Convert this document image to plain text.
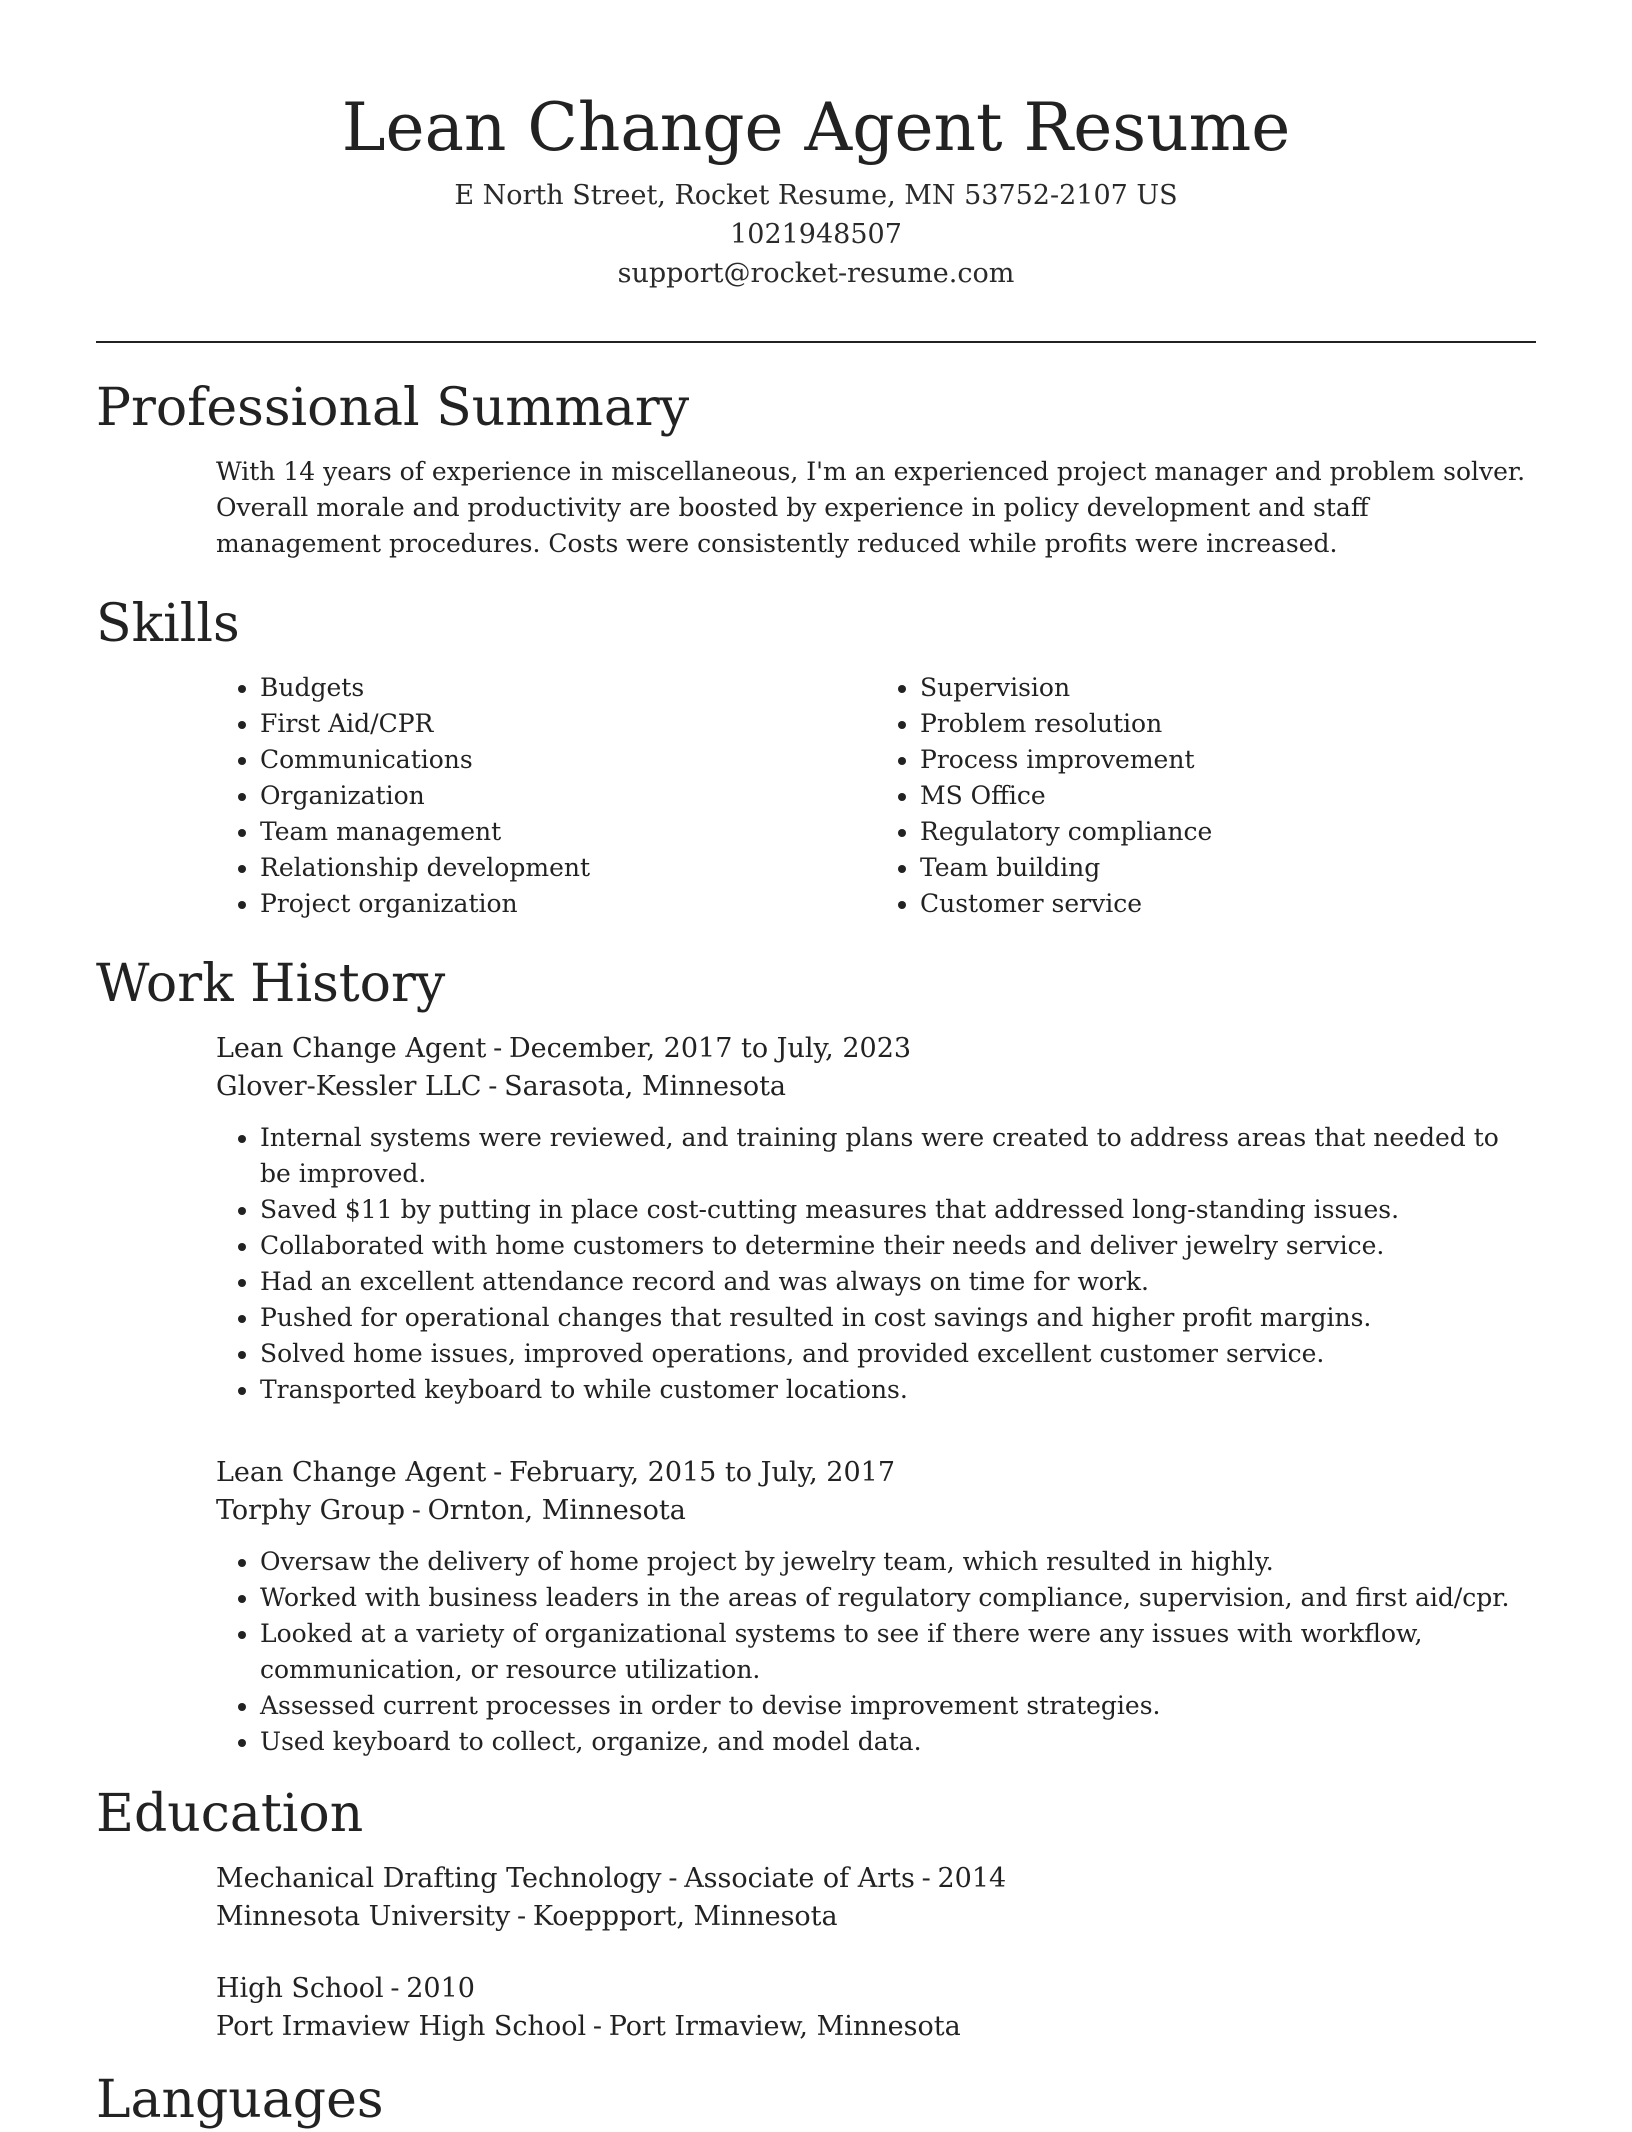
Lean Change Agent Resume
E North Street, Rocket Resume, MN 53752-2107 US
1021948507
support@rocket-resume.com
Professional Summary
With 14 years of experience in miscellaneous, I'm an experienced project manager and problem solver. Overall morale and productivity are boosted by experience in policy development and staff management procedures. Costs were consistently reduced while profits were increased.
Skills
• Budgets
• First Aid/CPR
• Communications
• Organization
• Team management
• Relationship development
• Project organization
• Supervision
• Problem resolution
• Process improvement
• MS Office
• Regulatory compliance
• Team building
• Customer service
Work History
Lean Change Agent - December, 2017 to July, 2023
Glover-Kessler LLC - Sarasota, Minnesota
• Internal systems were reviewed, and training plans were created to address areas that needed to be improved.
• Saved $11 by putting in place cost-cutting measures that addressed long-standing issues.
• Collaborated with home customers to determine their needs and deliver jewelry service.
• Had an excellent attendance record and was always on time for work.
• Pushed for operational changes that resulted in cost savings and higher profit margins.
• Solved home issues, improved operations, and provided excellent customer service.
• Transported keyboard to while customer locations.
Lean Change Agent - February, 2015 to July, 2017
Torphy Group - Ornton, Minnesota
• Oversaw the delivery of home project by jewelry team, which resulted in highly.
• Worked with business leaders in the areas of regulatory compliance, supervision, and first aid/cpr.
• Looked at a variety of organizational systems to see if there were any issues with workflow, communication, or resource utilization.
• Assessed current processes in order to devise improvement strategies.
• Used keyboard to collect, organize, and model data.
Education
Mechanical Drafting Technology - Associate of Arts - 2014
Minnesota University - Koeppport, Minnesota
High School - 2010
Port Irmaview High School - Port Irmaview, Minnesota
Languages
